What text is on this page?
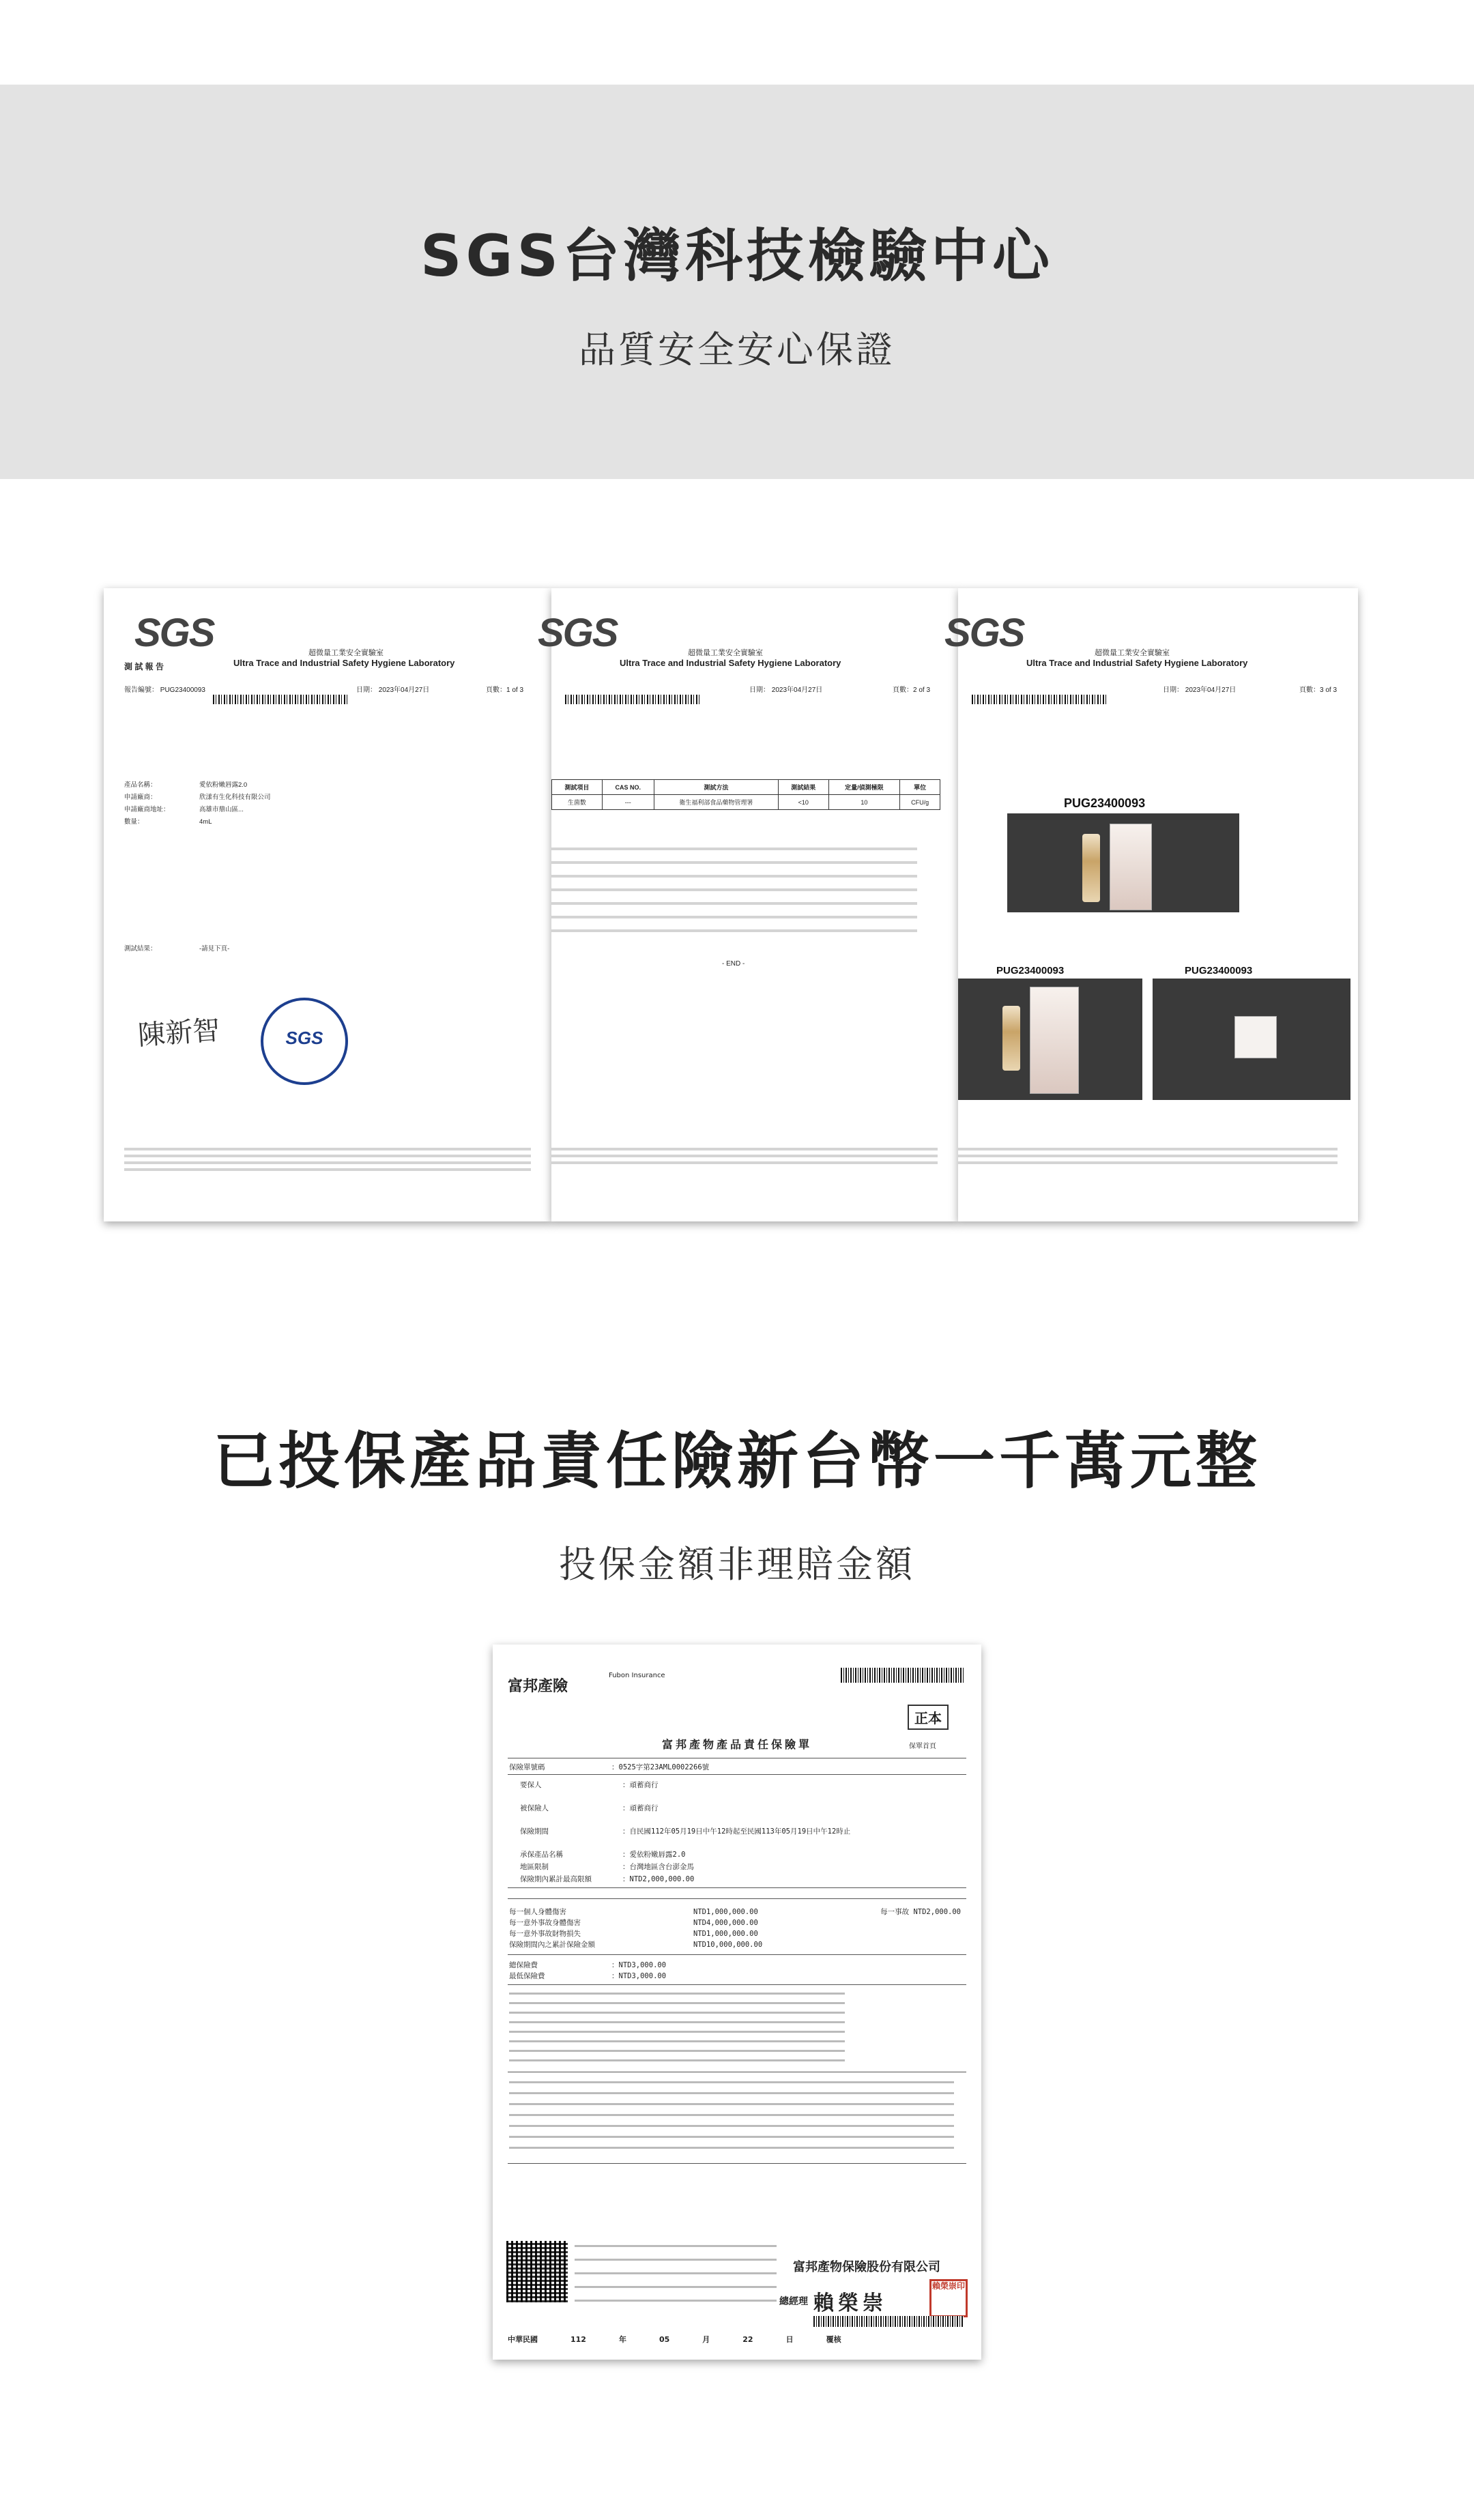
SGS台灣科技檢驗中心
品質安全安心保證
SGS	超微量工業安全實驗室
Ultra Trace and Industrial Safety Hygiene Laboratory
測 試 報 告
報告編號： PUG23400093	日期： 2023年04月27日	頁數：1 of 3
產品名稱：	愛依粉嫩唇露2.0
申請廠商：	欣漾有生化科技有限公司
申請廠商地址：	高雄市鼎山區...
數量：	4mL
測試結果：	-請見下頁-
陳新智	SGS
SGS	超微量工業安全實驗室
Ultra Trace and Industrial Safety Hygiene Laboratory
日期： 2023年04月27日	頁數：2 of 3
測試項目	CAS NO.	測試方法	測試結果	定量/偵測極限	單位
生菌數	---	衛生福利部食品藥物管理署	<10	10	CFU/g
- END -
SGS	超微量工業安全實驗室
Ultra Trace and Industrial Safety Hygiene Laboratory
日期： 2023年04月27日	頁數：3 of 3
PUG23400093
PUG23400093	PUG23400093
已投保產品責任險新台幣一千萬元整
投保金額非理賠金額
富邦產險
Fubon Insurance
正本
富邦產物產品責任保險單	保單首頁
保險單號碼	：0525字第23AML0002266號
要保人	：頑蓄商行
被保險人	：頑蓄商行
保險期間	：自民國112年05月19日中午12時起至民國113年05月19日中午12時止
承保產品名稱	：愛依粉嫩唇露2.0
地區限制	：台灣地區含台澎金馬
保險期內累計最高限額	：NTD2,000,000.00
每一個人身體傷害	NTD1,000,000.00
每一意外事故身體傷害	NTD4,000,000.00
每一意外事故財物損失	NTD1,000,000.00
保險期間內之累計保險金額	NTD10,000,000.00
每一事故 NTD2,000.00
總保險費	：NTD3,000.00
最低保險費	：NTD3,000.00
富邦產物保險股份有限公司
總經理 賴榮崇
賴榮崇印
中華民國	112	年	05	月	22	日	覆核
